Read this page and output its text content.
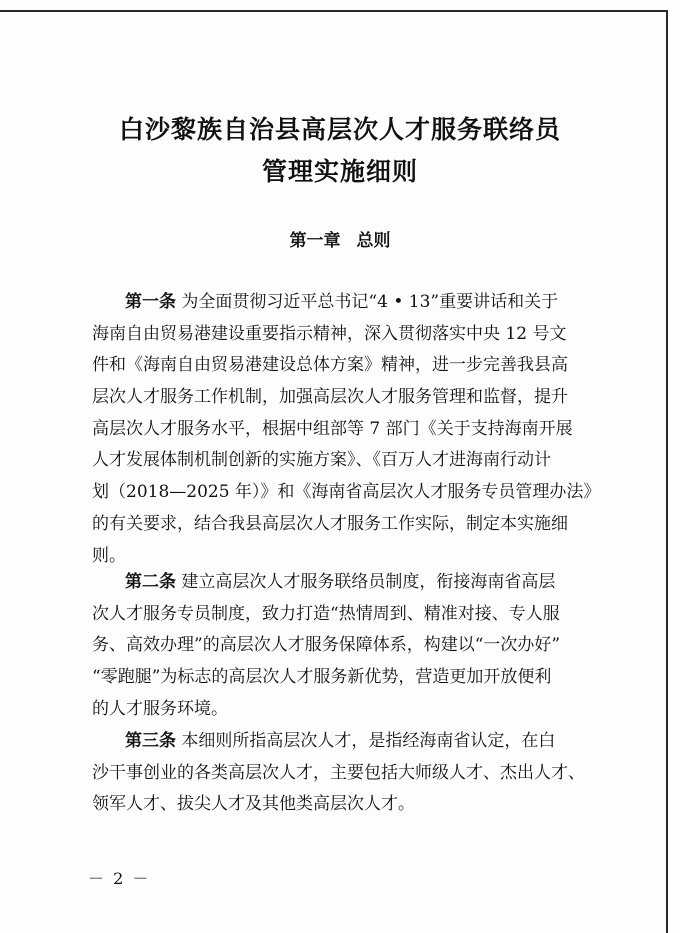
白沙黎族自治县高层次人才服务联络员
管理实施细则
第一章 总则
第一条 为全面贯彻习近平总书记“4 • 13”重要讲话和关于
海南自由贸易港建设重要指示精神，深入贯彻落实中央 12 号文
件和《海南自由贸易港建设总体方案》精神，进一步完善我县高
层次人才服务工作机制，加强高层次人才服务管理和监督，提升
高层次人才服务水平，根据中组部等 7 部门《关于支持海南开展
人才发展体制机制创新的实施方案》、《百万人才进海南行动计
划（2018—2025 年）》和《海南省高层次人才服务专员管理办法》
的有关要求，结合我县高层次人才服务工作实际，制定本实施细
则。
第二条 建立高层次人才服务联络员制度，衔接海南省高层
次人才服务专员制度，致力打造“热情周到、精准对接、专人服
务、高效办理”的高层次人才服务保障体系，构建以“一次办好”
“零跑腿”为标志的高层次人才服务新优势，营造更加开放便利
的人才服务环境。
第三条 本细则所指高层次人才，是指经海南省认定，在白
沙干事创业的各类高层次人才，主要包括大师级人才、杰出人才、
领军人才、拔尖人才及其他类高层次人才。
－ 2 －
